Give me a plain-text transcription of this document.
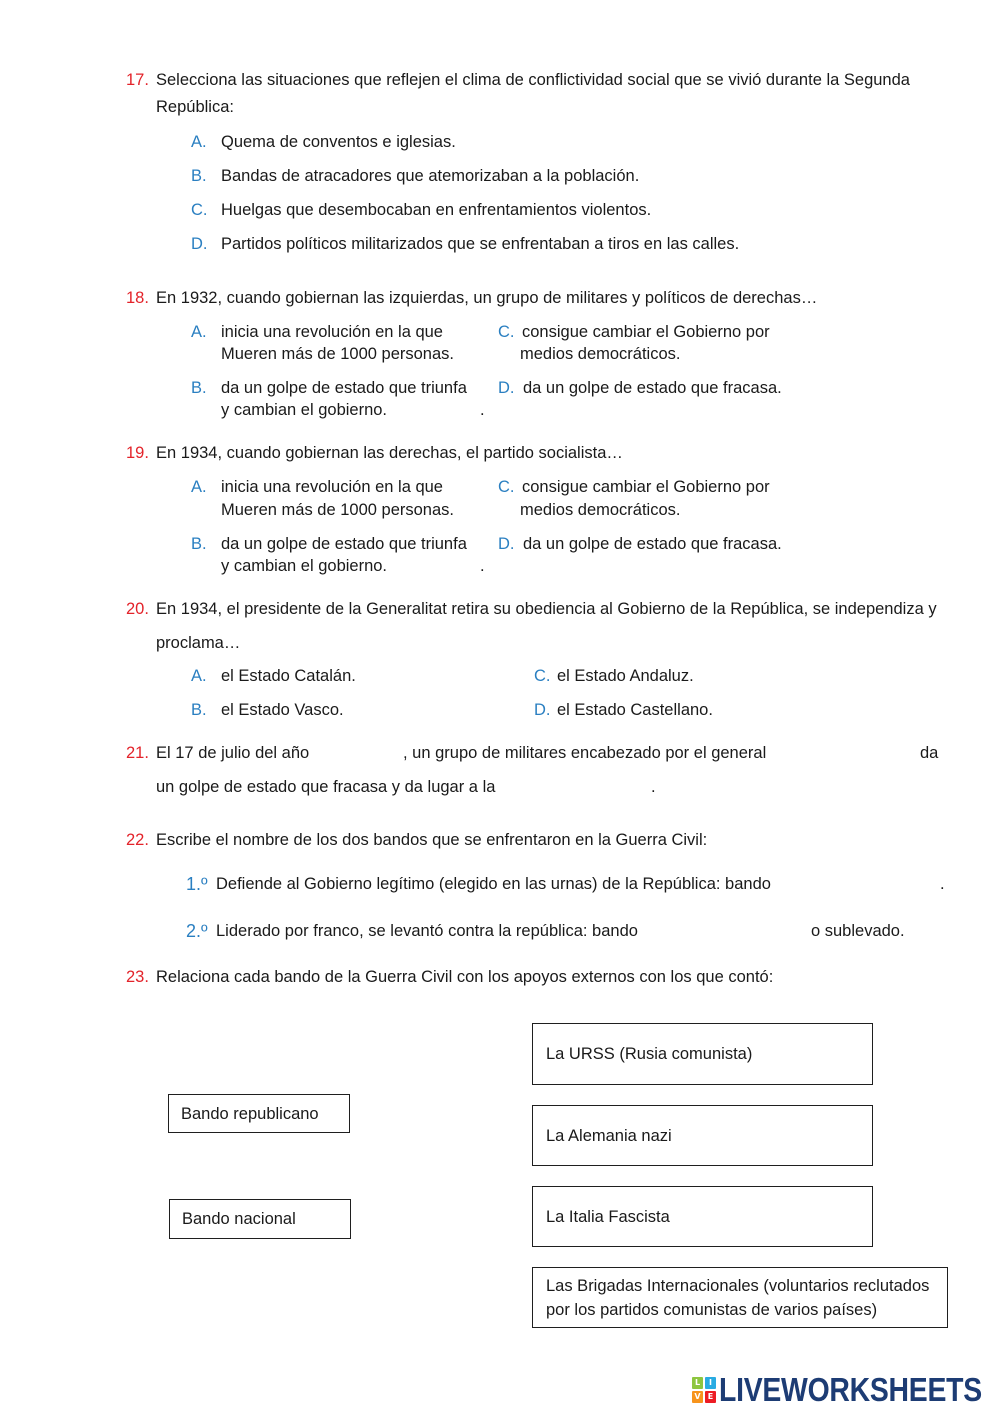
17. Selecciona las situaciones que reflejen el clima de conflictividad social que se vivió durante la Segunda
República:
A. Quema de conventos e iglesias.
B. Bandas de atracadores que atemorizaban a la población.
C. Huelgas que desembocaban en enfrentamientos violentos.
D. Partidos políticos militarizados que se enfrentaban a tiros en las calles.
18. En 1932, cuando gobiernan las izquierdas, un grupo de militares y políticos de derechas…
A. inicia una revolución en la que
Mueren más de 1000 personas.
B. da un golpe de estado que triunfa
y cambian el gobierno.	.
C. consigue cambiar el Gobierno por
medios democráticos.
D. da un golpe de estado que fracasa.
19. En 1934, cuando gobiernan las derechas, el partido socialista…
A. inicia una revolución en la que
Mueren más de 1000 personas.
B. da un golpe de estado que triunfa
y cambian el gobierno.	.
C. consigue cambiar el Gobierno por
medios democráticos.
D. da un golpe de estado que fracasa.
20. En 1934, el presidente de la Generalitat retira su obediencia al Gobierno de la República, se independiza y
proclama…
A. el Estado Catalán.
B. el Estado Vasco.
C. el Estado Andaluz.
D. el Estado Castellano.
21. El 17 de julio del año	, un grupo de militares encabezado por el general	da
un golpe de estado que fracasa y da lugar a la	.
22. Escribe el nombre de los dos bandos que se enfrentaron en la Guerra Civil:
1.º Defiende al Gobierno legítimo (elegido en las urnas) de la República: bando	.
2.º Liderado por franco, se levantó contra la república: bando	o sublevado.
23. Relaciona cada bando de la Guerra Civil con los apoyos externos con los que contó:
Bando republicano
Bando nacional
La URSS (Rusia comunista)
La Alemania nazi
La Italia Fascista
Las Brigadas Internacionales (voluntarios reclutados
por los partidos comunistas de varios países)
L	I
V E LIVEWORKSHEETS
